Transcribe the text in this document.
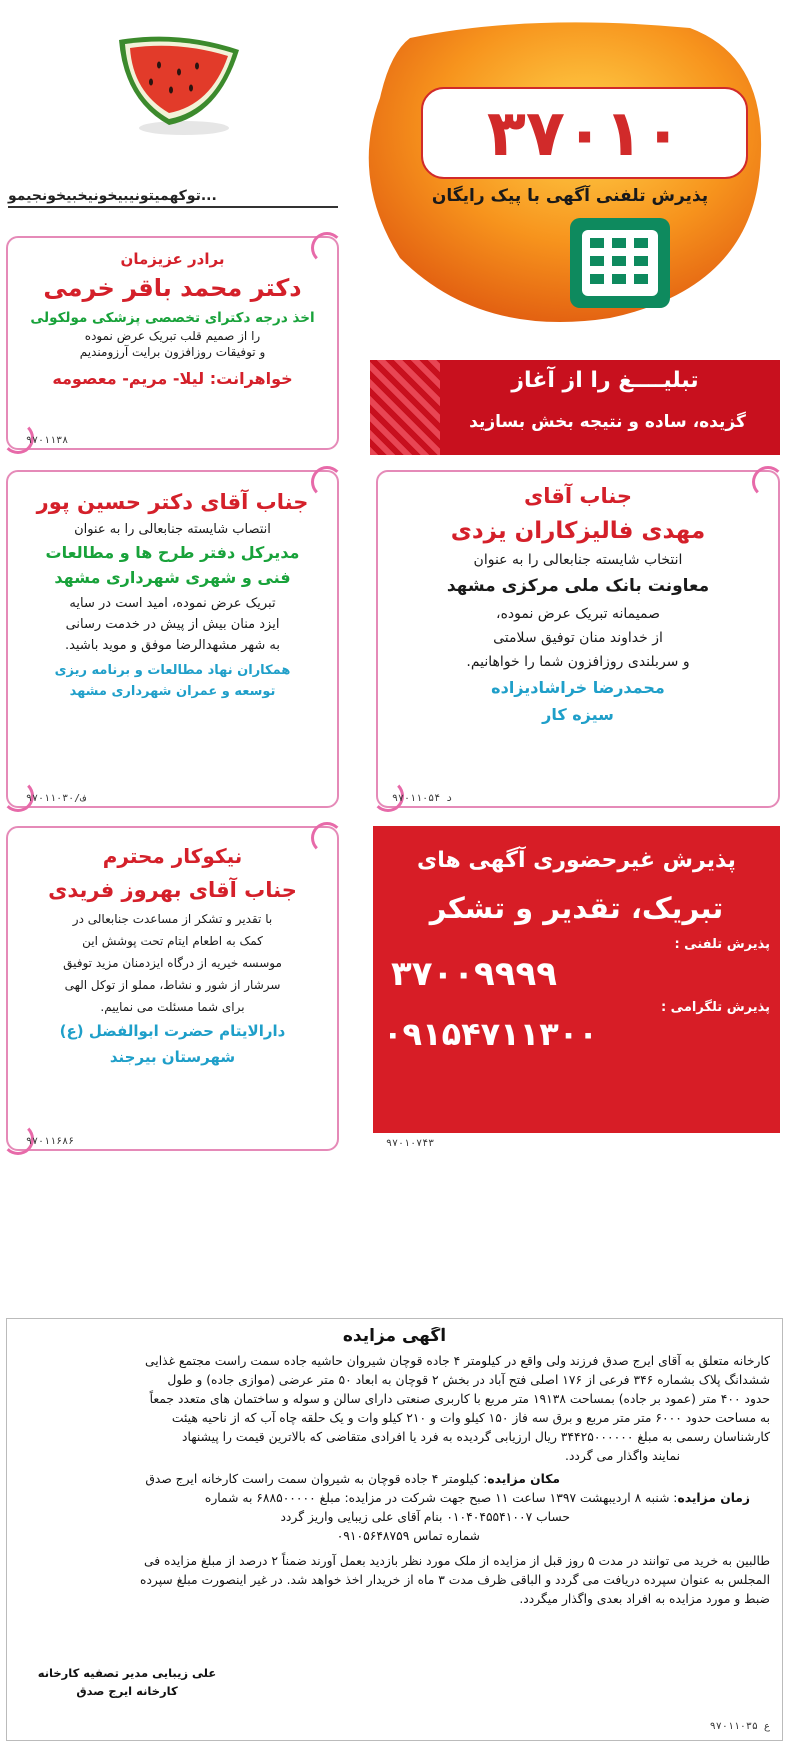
...توکهمیتونیبیخونیخبیخونجیمو
۳۷۰۱۰
پذیرش تلفنی آگهی با پیک رایگان
برادر عزیزمان
دکتر محمد باقر خرمی
اخذ درجه دکترای تخصصی پزشکی مولکولی
را از صمیم قلب تبریک عرض نموده
و توفیقات روزافزون برایت آرزومندیم
خواهرانت: لیلا- مریم- معصومه
۹۷۰۱۱۳۸
تبلیــــغ را از آغاز
گزیده، ساده و نتیجه بخش بسازید
جناب آقای دکتر حسین پور
انتصاب شایسته جنابعالی را به عنوان
مدیرکل دفتر طرح ها و مطالعات
فنی و شهری شهرداری مشهد
تبریک عرض نموده، امید است در سایه
ایزد منان بیش از پیش در خدمت رسانی
به شهر مشهدالرضا موفق و موید باشید.
همکاران نهاد مطالعات و برنامه ریزی
توسعه و عمران شهرداری مشهد
۹۷۰۱۱۰۳۰/ف
جناب آقای
مهدی فالیزکاران یزدی
انتخاب شایسته جنابعالی را به عنوان
معاونت بانک ملی مرکزی مشهد
صمیمانه تبریک عرض نموده،
از خداوند منان توفیق سلامتی
و سربلندی روزافزون شما را خواهانیم.
محمدرضا خراشادیزاده
سیزه کار
د ۹۷۰۱۱۰۵۴
نیکوکار محترم
جناب آقای بهروز فریدی
با تقدیر و تشکر از مساعدت جنابعالی در
کمک به اطعام ایتام تحت پوشش این
موسسه خیریه از درگاه ایزدمنان مزید توفیق
سرشار از شور و نشاط، مملو از توکل الهی
برای شما مسئلت می نماییم.
دارالایتام حضرت ابوالفضل (ع)
شهرستان بیرجند
۹۷۰۱۱۶۸۶
پذیرش غیرحضوری آگهی های
تبریک، تقدیر و تشکر
پذیرش تلفنی :
۳۷۰۰۹۹۹۹
پذیرش تلگرامی :
۰۹۱۵۴۷۱۱۳۰۰
۹۷۰۱۰۷۴۳
آگهی مزایده
کارخانه متعلق به آقای ایرج صدق فرزند ولی واقع در کیلومتر ۴ جاده قوچان شیروان حاشیه جاده سمت راست مجتمع غذایی
ششدانگ پلاک بشماره ۳۴۶ فرعی از ۱۷۶ اصلی فتح آباد در بخش ۲ قوچان به ابعاد ۵۰ متر عرضی (موازی جاده) و طول
حدود ۴۰۰ متر (عمود بر جاده) بمساحت ۱۹۱۳۸ متر مربع با کاربری صنعتی دارای سالن و سوله و ساختمان های متعدد جمعاً
به مساحت حدود ۶۰۰۰ متر متر مربع و برق سه فاز ۱۵۰ کیلو وات و ۲۱۰ کیلو وات و یک حلقه چاه آب که از ناحیه هیئت
کارشناسان رسمی به مبلغ ۳۴۴۲۵۰۰۰۰۰۰ ریال ارزیابی گردیده به فرد یا افرادی متقاضی که بالاترین قیمت را پیشنهاد
نمایند واگذار می گردد.
مکان مزایده: کیلومتر ۴ جاده قوچان به شیروان سمت راست کارخانه ایرج صدق
زمان مزایده: شنبه ۸ اردیبهشت ۱۳۹۷ ساعت ۱۱ صبح جهت شرکت در مزایده: مبلغ ۶۸۸۵۰۰۰۰۰ به شماره
حساب ۰۱۰۴۰۴۵۵۴۱۰۰۷ بنام آقای علی زیبایی واریز گردد
شماره تماس ۰۹۱۰۵۶۴۸۷۵۹
طالبین به خرید می توانند در مدت ۵ روز قبل از مزایده از ملک مورد نظر بازدید بعمل آورند ضمناً ۲ درصد از مبلغ مزایده فی
المجلس به عنوان سپرده دریافت می گردد و الباقی ظرف مدت ۳ ماه از خریدار اخذ خواهد شد. در غیر اینصورت مبلغ سپرده
ضبط و مورد مزایده به افراد بعدی واگذار میگردد.
علی زیبایی مدیر تصفیه کارخانه
کارخانه ایرج صدق
ع ۹۷۰۱۱۰۳۵
